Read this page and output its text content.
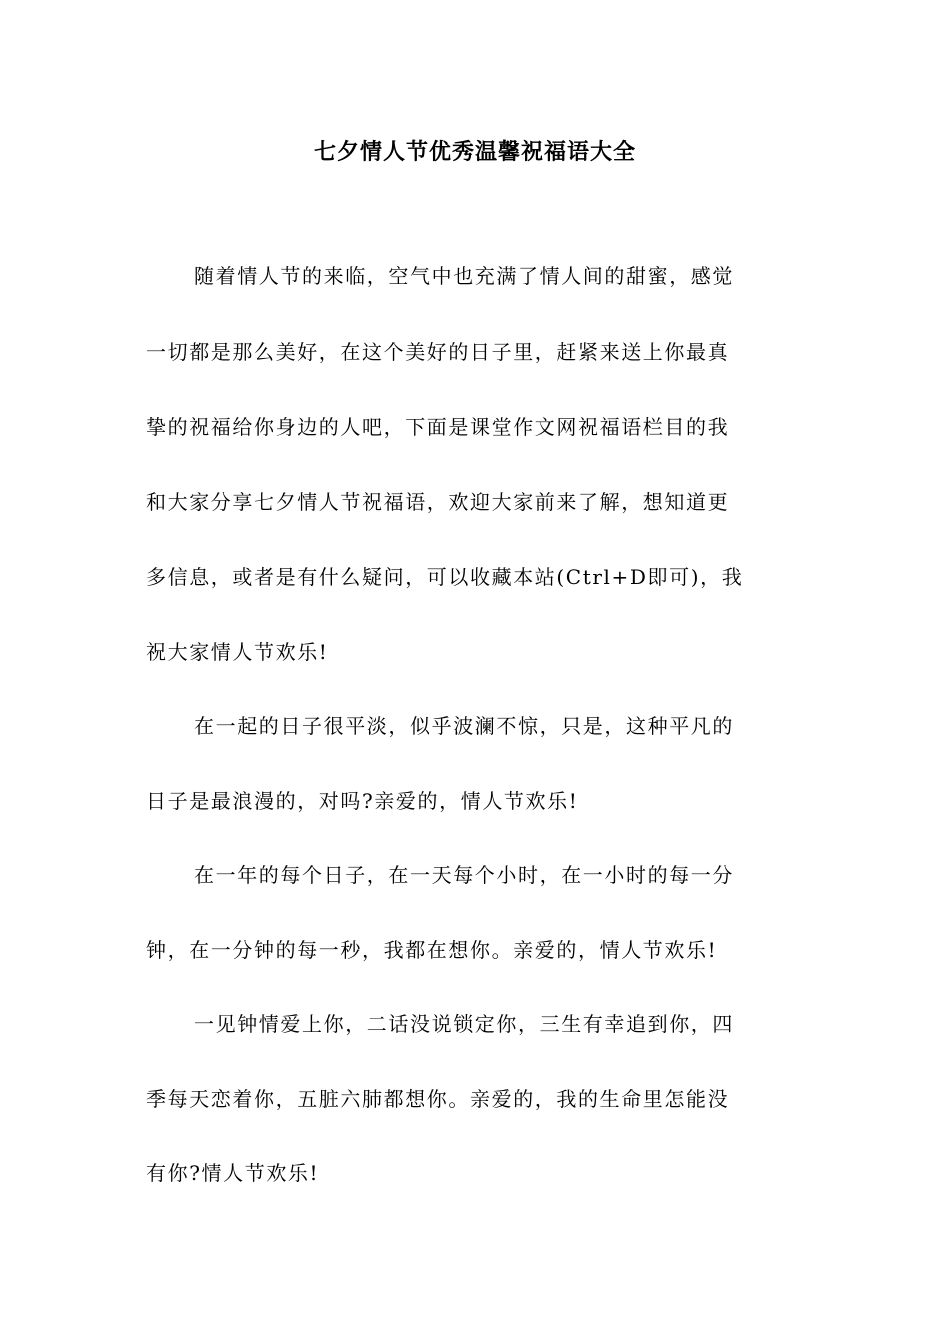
七夕情人节优秀温馨祝福语大全

随着情人节的来临，空气中也充满了情人间的甜蜜，感觉

一切都是那么美好，在这个美好的日子里，赶紧来送上你最真

挚的祝福给你身边的人吧，下面是课堂作文网祝福语栏目的我

和大家分享七夕情人节祝福语，欢迎大家前来了解，想知道更

多信息，或者是有什么疑问，可以收藏本站(Ctrl+D即可)，我

祝大家情人节欢乐!

在一起的日子很平淡，似乎波澜不惊，只是，这种平凡的

日子是最浪漫的，对吗?亲爱的，情人节欢乐!

在一年的每个日子，在一天每个小时，在一小时的每一分

钟，在一分钟的每一秒，我都在想你。亲爱的，情人节欢乐!

一见钟情爱上你，二话没说锁定你，三生有幸追到你，四

季每天恋着你，五脏六肺都想你。亲爱的，我的生命里怎能没

有你?情人节欢乐!
